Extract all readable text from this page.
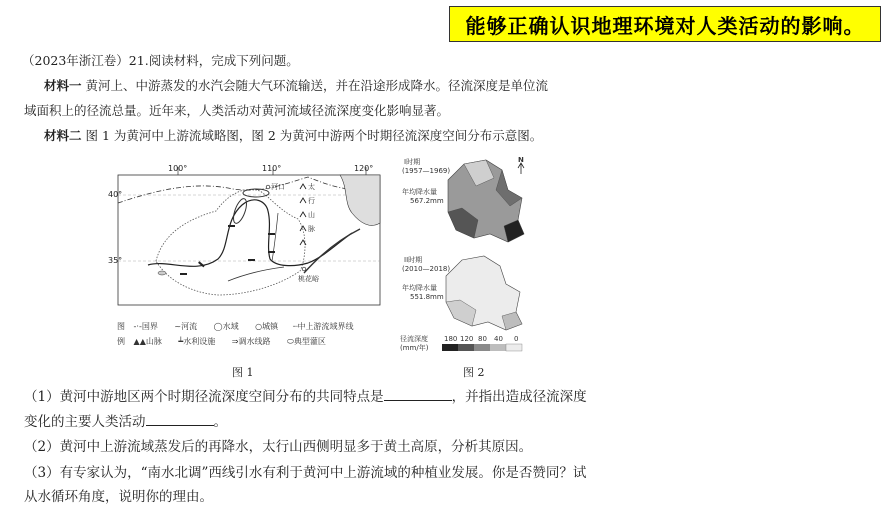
能够正确认识地理环境对人类活动的影响。
（2023年浙江卷）21.阅读材料，完成下列问题。
材料一 黄河上、中游蒸发的水汽会随大气环流输送，并在沿途形成降水。径流深度是单位流
域面积上的径流总量。近年来，人类活动对黄河流域径流深度变化影响显著。
材料二 图 1 为黄河中上游流域略图，图 2 为黄河中游两个时期径流深度空间分布示意图。
100°	110°	120°
40°
35°
太
行
山
脉
河口
桃花峪
图 -·-国界 ~河流 ◯水域 ○城镇 ┈中上游流域界线
例 ▲▲山脉 ┷水利设施 ⇒调水线路 ⬭典型灌区
图 1
I时期
(1957—1969)
年均降水量
567.2mm
N
II时期
(2010—2018)
年均降水量
551.8mm
径流深度
(mm/年)
180 120 80 40 0
图 2
（1）黄河中游地区两个时期径流深度空间分布的共同特点是	，并指出造成径流深度
变化的主要人类活动	。
（2）黄河中上游流域蒸发后的再降水，太行山西侧明显多于黄土高原，分析其原因。
（3）有专家认为，“南水北调”西线引水有利于黄河中上游流域的种植业发展。你是否赞同？试
从水循环角度，说明你的理由。
